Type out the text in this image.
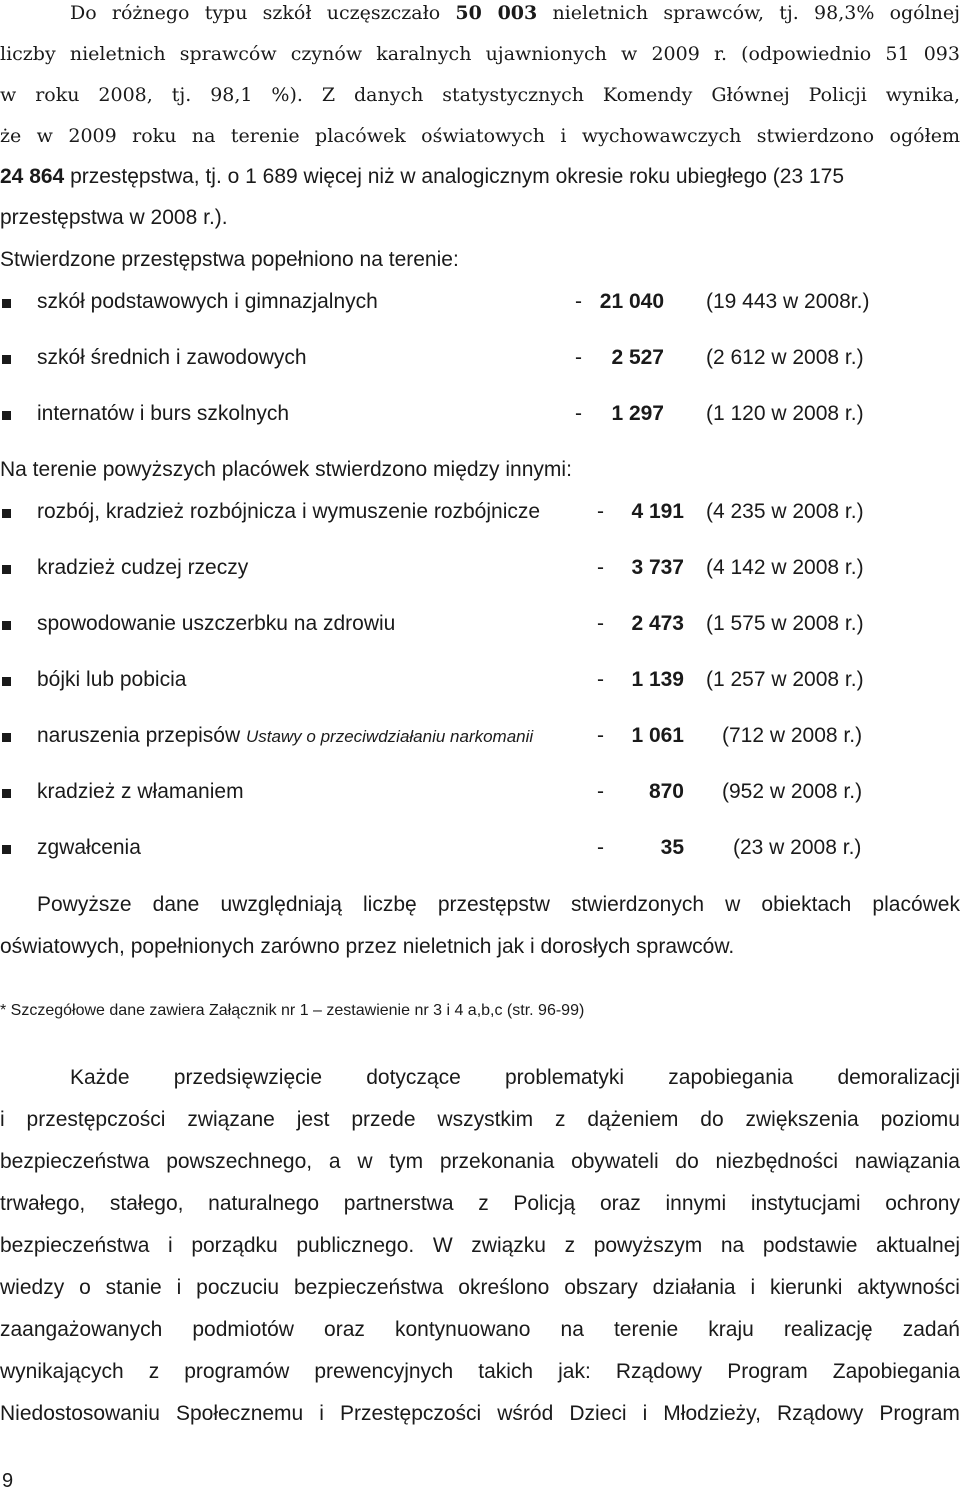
Do różnego typu szkół uczęszczało 50 003 nieletnich sprawców, tj. 98,3% ogólnej
liczby nieletnich sprawców czynów karalnych ujawnionych w 2009 r. (odpowiednio 51 093
w roku 2008, tj. 98,1 %). Z danych statystycznych Komendy Głównej Policji wynika,
że w 2009 roku na terenie placówek oświatowych i wychowawczych stwierdzono ogółem
24 864 przestępstwa, tj. o 1 689 więcej niż w analogicznym okresie roku ubiegłego (23 175
przestępstwa w 2008 r.).
Stwierdzone przestępstwa popełniono na terenie:
szkół podstawowych i gimnazjalnych	- 21 040 (19 443 w 2008r.)
szkół średnich i zawodowych	-	2 527 (2 612 w 2008 r.)
internatów i burs szkolnych	-	1 297 (1 120 w 2008 r.)
Na terenie powyższych placówek stwierdzono między innymi:
rozbój, kradzież rozbójnicza i wymuszenie rozbójnicze	-	4 191 (4 235 w 2008 r.)
kradzież cudzej rzeczy	-	3 737 (4 142 w 2008 r.)
spowodowanie uszczerbku na zdrowiu	-	2 473 (1 575 w 2008 r.)
bójki lub pobicia	-	1 139 (1 257 w 2008 r.)
naruszenia przepisów Ustawy o przeciwdziałaniu narkomanii	-	1 061 (712 w 2008 r.)
kradzież z włamaniem	-	870 (952 w 2008 r.)
zgwałcenia	-	35 (23 w 2008 r.)
Powyższe dane uwzględniają liczbę przestępstw stwierdzonych w obiektach placówek
oświatowych, popełnionych zarówno przez nieletnich jak i dorosłych sprawców.
* Szczegółowe dane zawiera Załącznik nr 1 – zestawienie nr 3 i 4 a,b,c (str. 96-99)
Każde przedsięwzięcie dotyczące problematyki zapobiegania demoralizacji
i przestępczości związane jest przede wszystkim z dążeniem do zwiększenia poziomu
bezpieczeństwa powszechnego, a w tym przekonania obywateli do niezbędności nawiązania
trwałego, stałego, naturalnego partnerstwa z Policją oraz innymi instytucjami ochrony
bezpieczeństwa i porządku publicznego. W związku z powyższym na podstawie aktualnej
wiedzy o stanie i poczuciu bezpieczeństwa określono obszary działania i kierunki aktywności
zaangażowanych podmiotów oraz kontynuowano na terenie kraju realizację zadań
wynikających z programów prewencyjnych takich jak: Rządowy Program Zapobiegania
Niedostosowaniu Społecznemu i Przestępczości wśród Dzieci i Młodzieży, Rządowy Program
9
